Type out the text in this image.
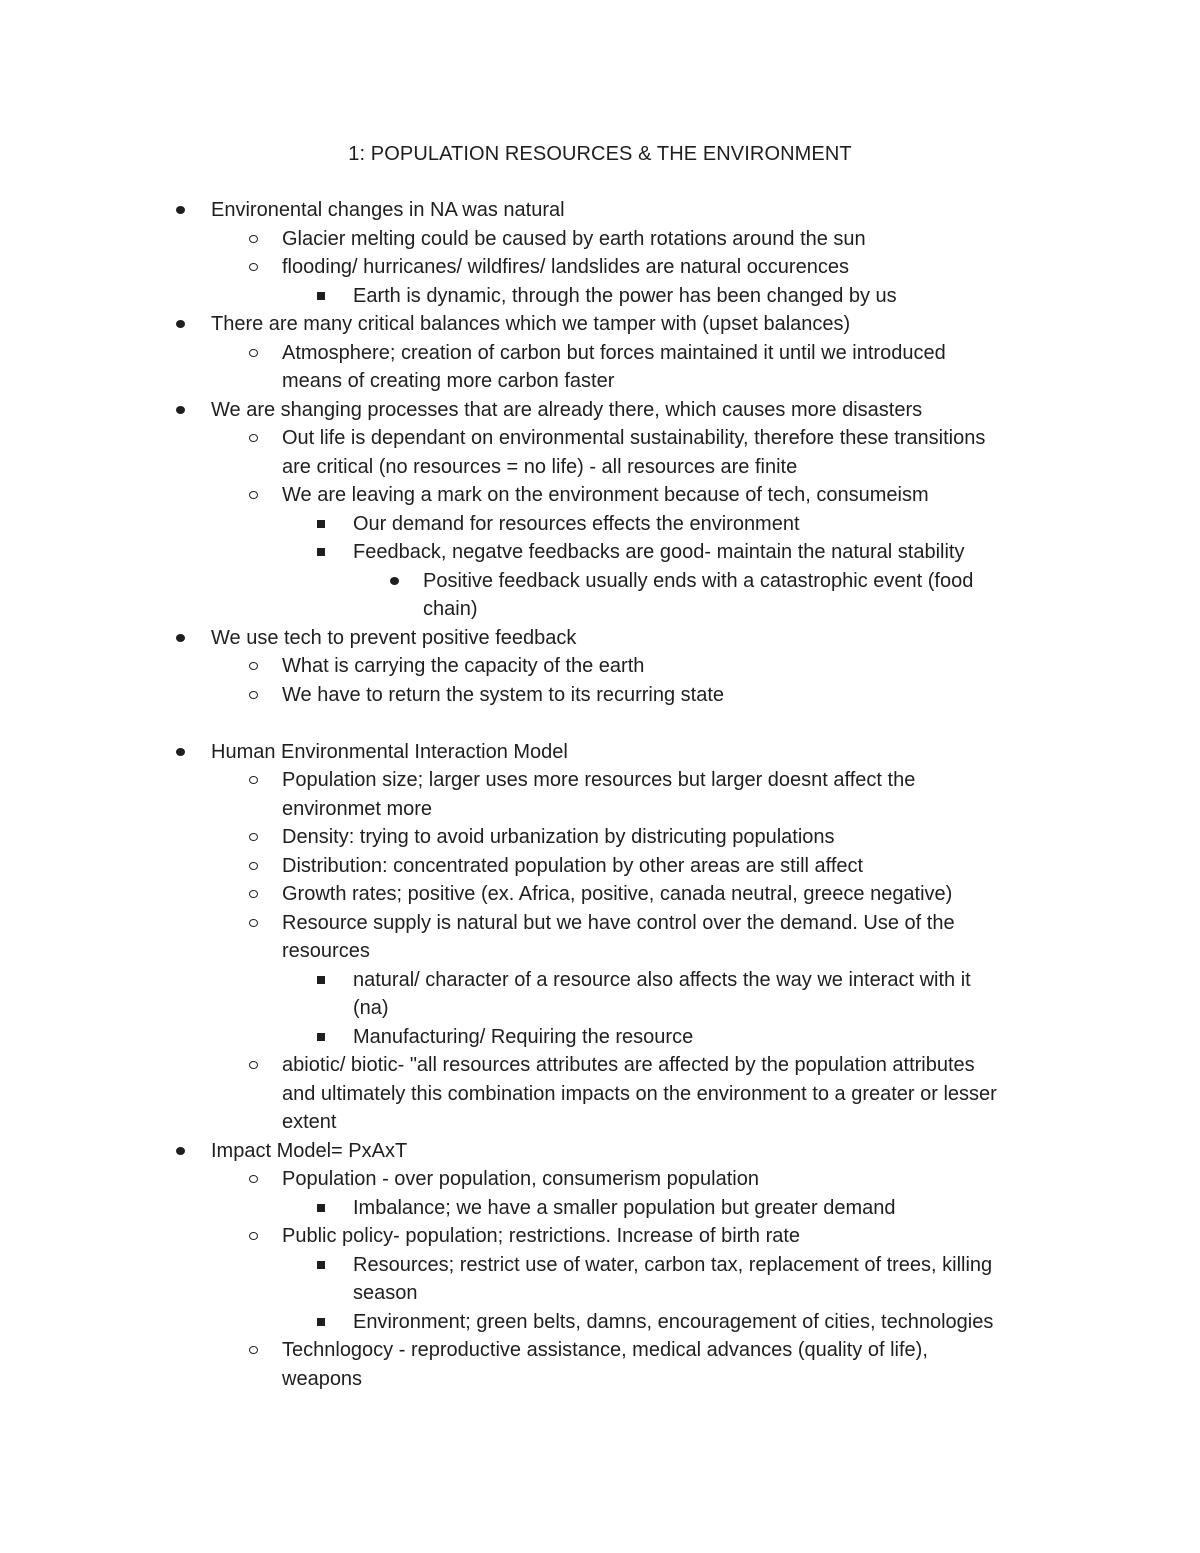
1: POPULATION RESOURCES & THE ENVIRONMENT
Environental changes in NA was natural
Glacier melting could be caused by earth rotations around the sun
flooding/ hurricanes/ wildfires/ landslides are natural occurences
Earth is dynamic, through the power has been changed by us
There are many critical balances which we tamper with (upset balances)
Atmosphere; creation of carbon but forces maintained it until we introduced
means of creating more carbon faster
We are shanging processes that are already there, which causes more disasters
Out life is dependant on environmental sustainability, therefore these transitions
are critical (no resources = no life) - all resources are finite
We are leaving a mark on the environment because of tech, consumeism
Our demand for resources effects the environment
Feedback, negatve feedbacks are good- maintain the natural stability
Positive feedback usually ends with a catastrophic event (food
chain)
We use tech to prevent positive feedback
What is carrying the capacity of the earth
We have to return the system to its recurring state
Human Environmental Interaction Model
Population size; larger uses more resources but larger doesnt affect the
environmet more
Density: trying to avoid urbanization by districuting populations
Distribution: concentrated population by other areas are still affect
Growth rates; positive (ex. Africa, positive, canada neutral, greece negative)
Resource supply is natural but we have control over the demand. Use of the
resources
natural/ character of a resource also affects the way we interact with it
(na)
Manufacturing/ Requiring the resource
abiotic/ biotic- "all resources attributes are affected by the population attributes
and ultimately this combination impacts on the environment to a greater or lesser
extent
Impact Model= PxAxT
Population - over population, consumerism population
Imbalance; we have a smaller population but greater demand
Public policy- population; restrictions. Increase of birth rate
Resources; restrict use of water, carbon tax, replacement of trees, killing
season
Environment; green belts, damns, encouragement of cities, technologies
Technlogocy - reproductive assistance, medical advances (quality of life),
weapons
